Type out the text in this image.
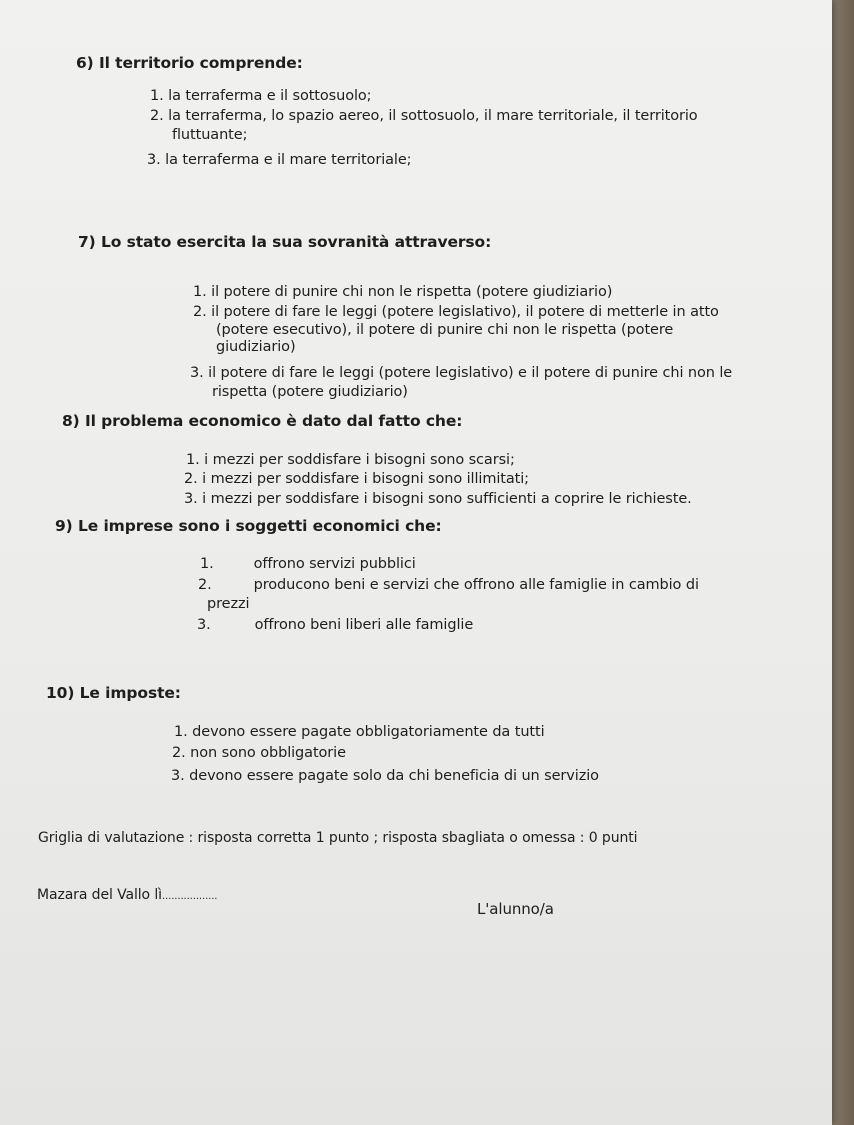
6) Il territorio comprende:
1. la terraferma e il sottosuolo;
2. la terraferma, lo spazio aereo, il sottosuolo, il mare territoriale, il territorio
fluttuante;
3. la terraferma e il mare territoriale;
7) Lo stato esercita la sua sovranità attraverso:
1. il potere di punire chi non le rispetta (potere giudiziario)
2. il potere di fare le leggi (potere legislativo), il potere di metterle in atto
(potere esecutivo), il potere di punire chi non le rispetta (potere
giudiziario)
3. il potere di fare le leggi (potere legislativo) e il potere di punire chi non le
rispetta (potere giudiziario)
8) Il problema economico è dato dal fatto che:
1. i mezzi per soddisfare i bisogni sono scarsi;
2. i mezzi per soddisfare i bisogni sono illimitati;
3. i mezzi per soddisfare i bisogni sono sufficienti a coprire le richieste.
9) Le imprese sono i soggetti economici che:
1.	offrono servizi pubblici
2.	producono beni e servizi che offrono alle famiglie in cambio di
prezzi
3.	offrono beni liberi alle famiglie
10) Le imposte:
1. devono essere pagate obbligatoriamente da tutti
2. non sono obbligatorie
3. devono essere pagate solo da chi beneficia di un servizio
Griglia di valutazione : risposta corretta 1 punto ; risposta sbagliata o omessa : 0 punti
Mazara del Vallo lì..................
L'alunno/a
